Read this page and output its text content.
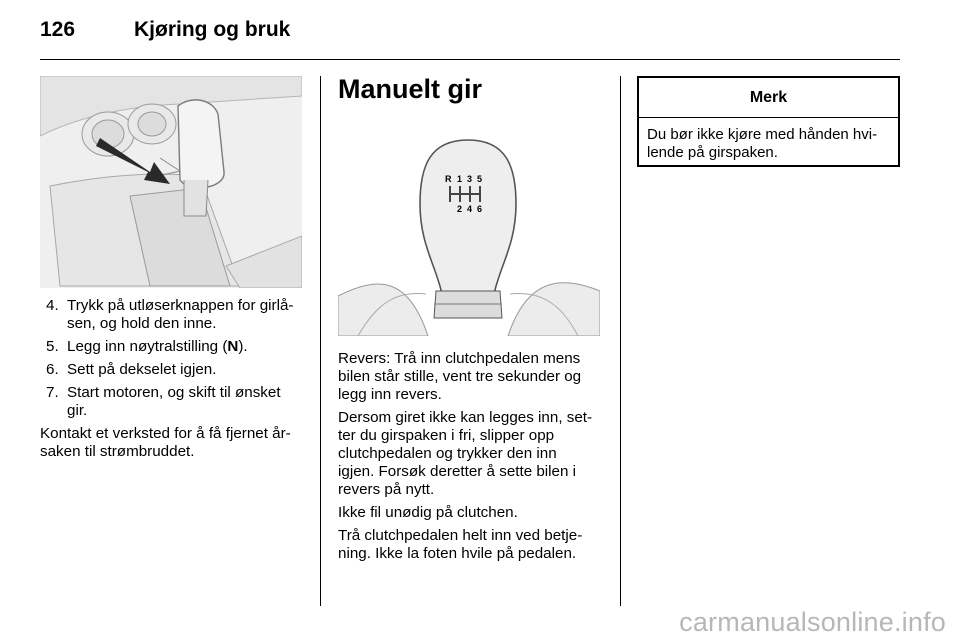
126	Kjøring og bruk
4. Trykk på utløserknappen for girlå-
sen, og hold den inne.
5. Legg inn nøytralstilling (N).
6. Sett på dekselet igjen.
7. Start motoren, og skift til ønsket
gir.

Kontakt et verksted for å få fjernet år-
saken til strømbruddet.

Manuelt gir
R 1 3 5
2 4 6

Revers: Trå inn clutchpedalen mens
bilen står stille, vent tre sekunder og
legg inn revers.

Dersom giret ikke kan legges inn, set-
ter du girspaken i fri, slipper opp
clutchpedalen og trykker den inn
igjen. Forsøk deretter å sette bilen i
revers på nytt.

Ikke fil unødig på clutchen.

Trå clutchpedalen helt inn ved betje-
ning. Ikke la foten hvile på pedalen.

Merk
Du bør ikke kjøre med hånden hvi-
lende på girspaken.
carmanualsonline.info
